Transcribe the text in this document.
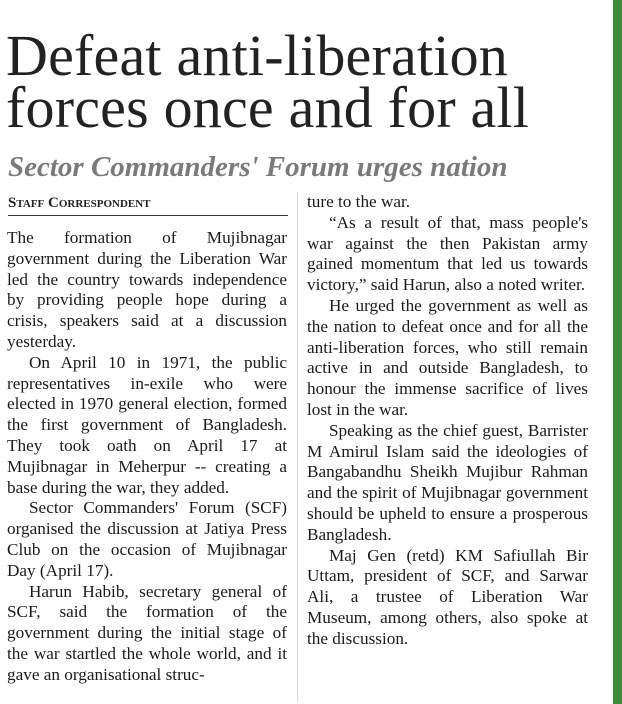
Defeat anti-liberation forces once and for all
Sector Commanders' Forum urges nation
Staff Correspondent

The formation of Mujibnagar government during the Liberation War led the country towards independence by providing people hope during a crisis, speakers said at a discussion yesterday.

On April 10 in 1971, the public representatives in-exile who were elected in 1970 general election, formed the first government of Bangladesh. They took oath on April 17 at Mujibnagar in Meherpur -- creating a base during the war, they added.

Sector Commanders' Forum (SCF) organised the discussion at Jatiya Press Club on the occasion of Mujibnagar Day (April 17).

Harun Habib, secretary general of SCF, said the formation of the government during the initial stage of the war startled the whole world, and it gave an organisational struc-

ture to the war.

“As a result of that, mass people's war against the then Pakistan army gained momentum that led us towards victory,” said Harun, also a noted writer.

He urged the government as well as the nation to defeat once and for all the anti-liberation forces, who still remain active in and outside Bangladesh, to honour the immense sacrifice of lives lost in the war.

Speaking as the chief guest, Barrister M Amirul Islam said the ideologies of Bangabandhu Sheikh Mujibur Rahman and the spirit of Mujibnagar government should be upheld to ensure a prosperous Bangladesh.

Maj Gen (retd) KM Safiullah Bir Uttam, president of SCF, and Sarwar Ali, a trustee of Liberation War Museum, among others, also spoke at the discussion.
